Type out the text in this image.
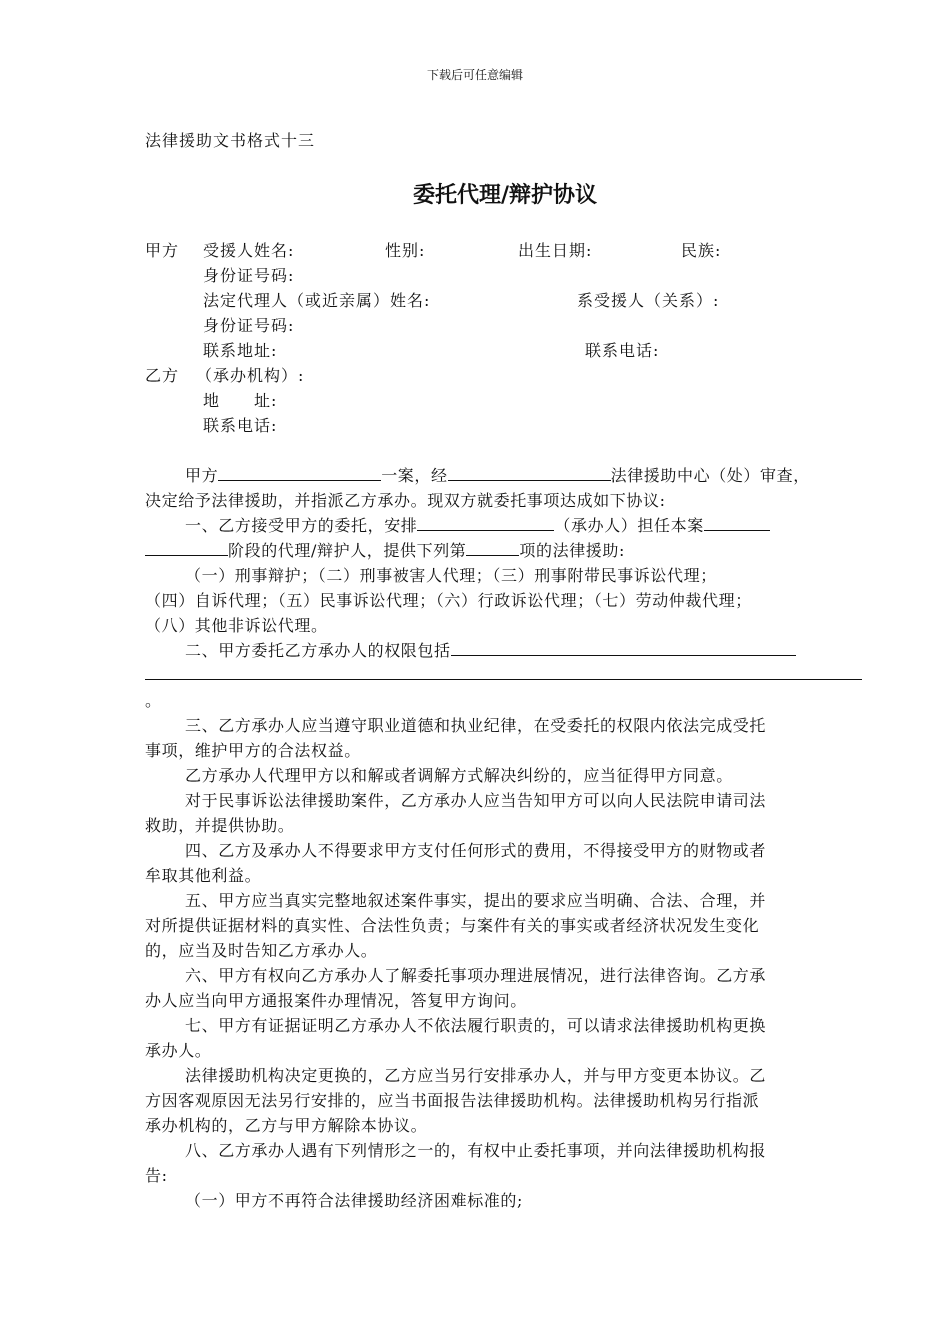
下载后可任意编辑
法律援助文书格式十三
委托代理/辩护协议
甲方 受援人姓名:	性别:	出生日期:	民族:
身份证号码:
法定代理人（或近亲属）姓名:	系受援人（关系）:
身份证号码:
联系地址:	联系电话:
乙方 （承办机构）:
地　　址:
联系电话:
甲方	一案，经	法律援助中心（处）审查，
决定给予法律援助，并指派乙方承办。现双方就委托事项达成如下协议:
一、乙方接受甲方的委托，安排	（承办人）担任本案
阶段的代理/辩护人，提供下列第	项的法律援助:
（一）刑事辩护；（二）刑事被害人代理；（三）刑事附带民事诉讼代理；
（四）自诉代理；（五）民事诉讼代理；（六）行政诉讼代理；（七）劳动仲裁代理；
（八）其他非诉讼代理。
二、甲方委托乙方承办人的权限包括
。
三、乙方承办人应当遵守职业道德和执业纪律，在受委托的权限内依法完成受托
事项，维护甲方的合法权益。
乙方承办人代理甲方以和解或者调解方式解决纠纷的，应当征得甲方同意。
对于民事诉讼法律援助案件，乙方承办人应当告知甲方可以向人民法院申请司法
救助，并提供协助。
四、乙方及承办人不得要求甲方支付任何形式的费用，不得接受甲方的财物或者
牟取其他利益。
五、甲方应当真实完整地叙述案件事实，提出的要求应当明确、合法、合理，并
对所提供证据材料的真实性、合法性负责；与案件有关的事实或者经济状况发生变化
的，应当及时告知乙方承办人。
六、甲方有权向乙方承办人了解委托事项办理进展情况，进行法律咨询。乙方承
办人应当向甲方通报案件办理情况，答复甲方询问。
七、甲方有证据证明乙方承办人不依法履行职责的，可以请求法律援助机构更换
承办人。
法律援助机构决定更换的，乙方应当另行安排承办人，并与甲方变更本协议。乙
方因客观原因无法另行安排的，应当书面报告法律援助机构。法律援助机构另行指派
承办机构的，乙方与甲方解除本协议。
八、乙方承办人遇有下列情形之一的，有权中止委托事项，并向法律援助机构报
告:
（一）甲方不再符合法律援助经济困难标准的;
